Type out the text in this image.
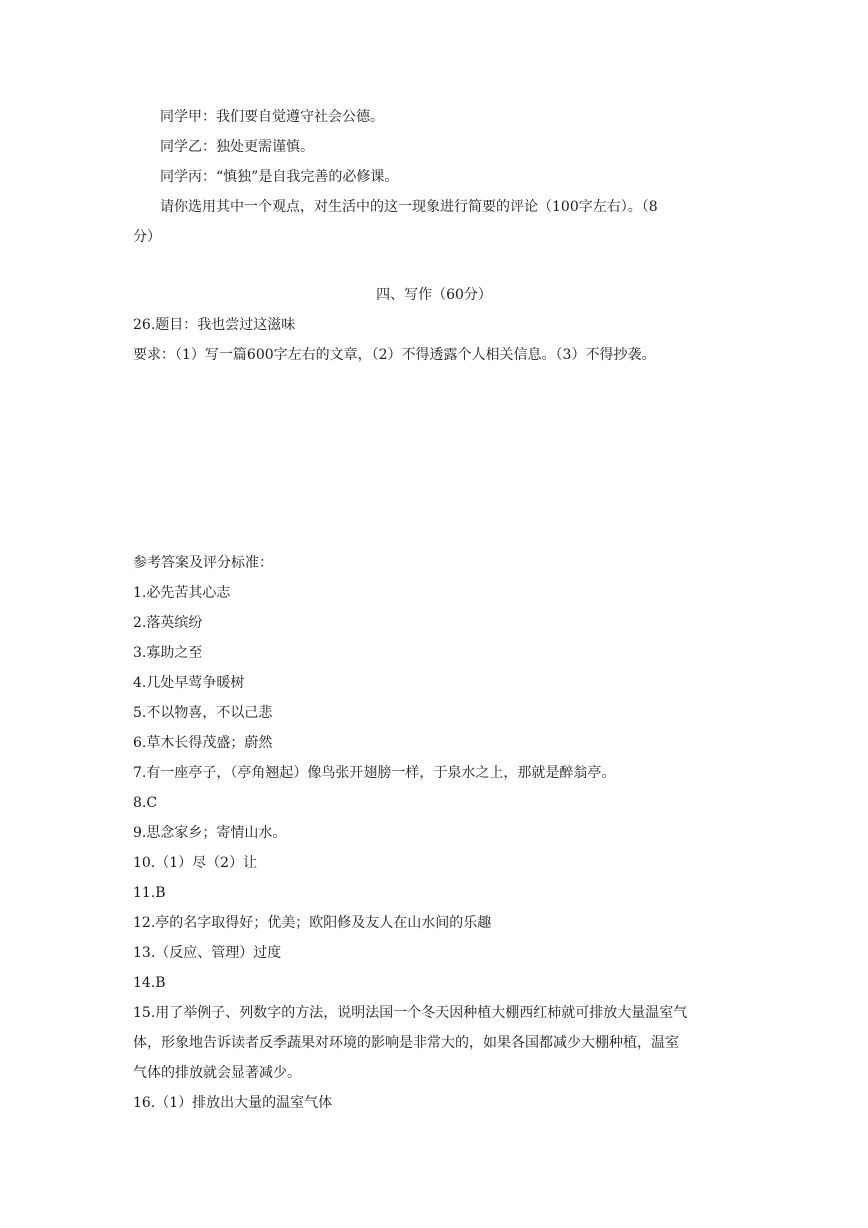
同学甲：我们要自觉遵守社会公德。
同学乙：独处更需谨慎。
同学丙：“慎独”是自我完善的必修课。
请你选用其中一个观点，对生活中的这一现象进行简要的评论（100字左右）。（8
分）
四、写作（60分）
26.题目：我也尝过这滋味
要求：（1）写一篇600字左右的文章，（2）不得透露个人相关信息。（3）不得抄袭。
参考答案及评分标准：
1.必先苦其心志
2.落英缤纷
3.寡助之至
4.几处早莺争暖树
5.不以物喜，不以己悲
6.草木长得茂盛；蔚然
7.有一座亭子，（亭角翘起）像鸟张开翅膀一样，于泉水之上，那就是醉翁亭。
8.C
9.思念家乡；寄情山水。
10.（1）尽（2）让
11.B
12.亭的名字取得好；优美；欧阳修及友人在山水间的乐趣
13.（反应、管理）过度
14.B
15.用了举例子、列数字的方法，说明法国一个冬天因种植大棚西红柿就可排放大量温室气
体，形象地告诉读者反季蔬果对环境的影响是非常大的，如果各国都减少大棚种植，温室
气体的排放就会显著减少。
16.（1）排放出大量的温室气体
